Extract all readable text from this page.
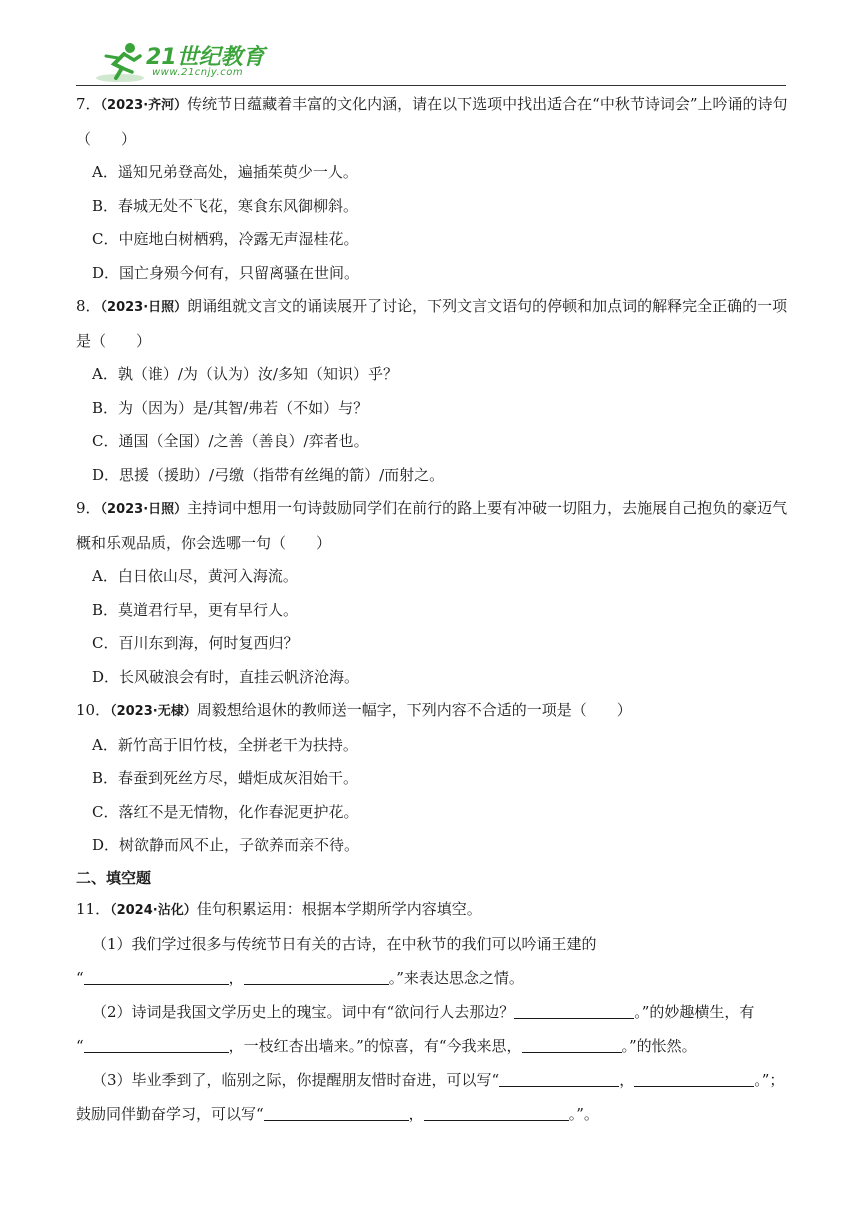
21世纪教育
www.21cnjy.com

7．（2023·齐河）传统节日蕴藏着丰富的文化内涵，请在以下选项中找出适合在“中秋节诗词会”上吟诵的诗句（　　）

A．遥知兄弟登高处，遍插茱萸少一人。

B．春城无处不飞花，寒食东风御柳斜。

C．中庭地白树栖鸦，冷露无声湿桂花。

D．国亡身殒今何有，只留离骚在世间。

8．（2023·日照）朗诵组就文言文的诵读展开了讨论，下列文言文语句的停顿和加点词的解释完全正确的一项是（　　）

A．孰（谁）/为（认为）汝/多知（知识）乎？

B．为（因为）是/其智/弗若（不如）与？

C．通国（全国）/之善（善良）/弈者也。

D．思援（援助）/弓缴（指带有丝绳的箭）/而射之。

9．（2023·日照）主持词中想用一句诗鼓励同学们在前行的路上要有冲破一切阻力，去施展自己抱负的豪迈气概和乐观品质，你会选哪一句（　　）

A．白日依山尽，黄河入海流。

B．莫道君行早，更有早行人。

C．百川东到海，何时复西归？

D．长风破浪会有时，直挂云帆济沧海。

10．（2023·无棣）周毅想给退休的教师送一幅字，下列内容不合适的一项是（　　）

A．新竹高于旧竹枝，全拼老干为扶持。

B．春蚕到死丝方尽，蜡炬成灰泪始干。

C．落红不是无情物，化作春泥更护花。

D．树欲静而风不止，子欲养而亲不待。

二、填空题

11．（2024·沾化）佳句积累运用：根据本学期所学内容填空。

（1）我们学过很多与传统节日有关的古诗，在中秋节的我们可以吟诵王建的

“	，	。”来表达思念之情。

（2）诗词是我国文学历史上的瑰宝。词中有“欲问行人去那边？	。”的妙趣横生，有

“	，一枝红杏出墙来。”的惊喜，有“今我来思，	。”的怅然。

（3）毕业季到了，临别之际，你提醒朋友惜时奋进，可以写“	，	。”；

鼓励同伴勤奋学习，可以写“	，	。”。
